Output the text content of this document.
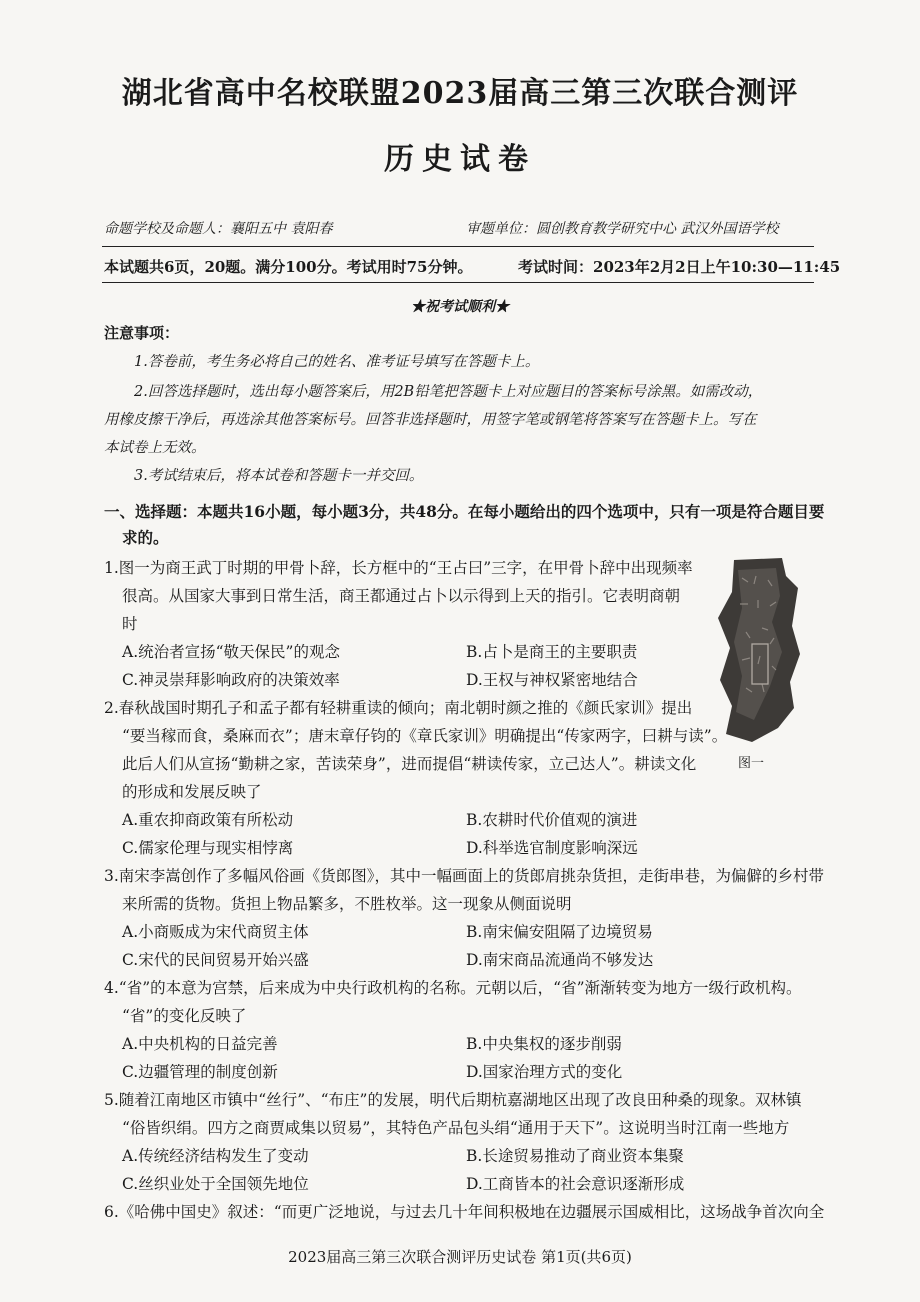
湖北省高中名校联盟2023届高三第三次联合测评
历史试卷
命题学校及命题人：襄阳五中 袁阳春	审题单位：圆创教育教学研究中心 武汉外国语学校
本试题共6页，20题。满分100分。考试用时75分钟。	考试时间：2023年2月2日上午10:30—11:45
★祝考试顺利★
注意事项：
1.答卷前，考生务必将自己的姓名、准考证号填写在答题卡上。
2.回答选择题时，选出每小题答案后，用2B铅笔把答题卡上对应题目的答案标号涂黑。如需改动，
用橡皮擦干净后，再选涂其他答案标号。回答非选择题时，用签字笔或钢笔将答案写在答题卡上。写在
本试卷上无效。
3.考试结束后，将本试卷和答题卡一并交回。
一、选择题：本题共16小题，每小题3分，共48分。在每小题给出的四个选项中，只有一项是符合题目要
求的。
1.图一为商王武丁时期的甲骨卜辞，长方框中的“王占曰”三字，在甲骨卜辞中出现频率
很高。从国家大事到日常生活，商王都通过占卜以示得到上天的指引。它表明商朝
时
A.统治者宣扬“敬天保民”的观念	B.占卜是商王的主要职责
C.神灵崇拜影响政府的决策效率	D.王权与神权紧密地结合
图一
2.春秋战国时期孔子和孟子都有轻耕重读的倾向；南北朝时颜之推的《颜氏家训》提出
“要当稼而食，桑麻而衣”；唐末章仔钧的《章氏家训》明确提出“传家两字，曰耕与读”。
此后人们从宣扬“勤耕之家，苦读荣身”，进而提倡“耕读传家，立己达人”。耕读文化
的形成和发展反映了
A.重农抑商政策有所松动	B.农耕时代价值观的演进
C.儒家伦理与现实相悖离	D.科举选官制度影响深远
3.南宋李嵩创作了多幅风俗画《货郎图》，其中一幅画面上的货郎肩挑杂货担，走街串巷，为偏僻的乡村带
来所需的货物。货担上物品繁多，不胜枚举。这一现象从侧面说明
A.小商贩成为宋代商贸主体	B.南宋偏安阻隔了边境贸易
C.宋代的民间贸易开始兴盛	D.南宋商品流通尚不够发达
4.“省”的本意为宫禁，后来成为中央行政机构的名称。元朝以后，“省”渐渐转变为地方一级行政机构。
“省”的变化反映了
A.中央机构的日益完善	B.中央集权的逐步削弱
C.边疆管理的制度创新	D.国家治理方式的变化
5.随着江南地区市镇中“丝行”、“布庄”的发展，明代后期杭嘉湖地区出现了改良田种桑的现象。双林镇
“俗皆织绢。四方之商贾咸集以贸易”，其特色产品包头绢“通用于天下”。这说明当时江南一些地方
A.传统经济结构发生了变动	B.长途贸易推动了商业资本集聚
C.丝织业处于全国领先地位	D.工商皆本的社会意识逐渐形成
6.《哈佛中国史》叙述：“而更广泛地说，与过去几十年间积极地在边疆展示国威相比，这场战争首次向全
2023届高三第三次联合测评历史试卷 第1页(共6页)
